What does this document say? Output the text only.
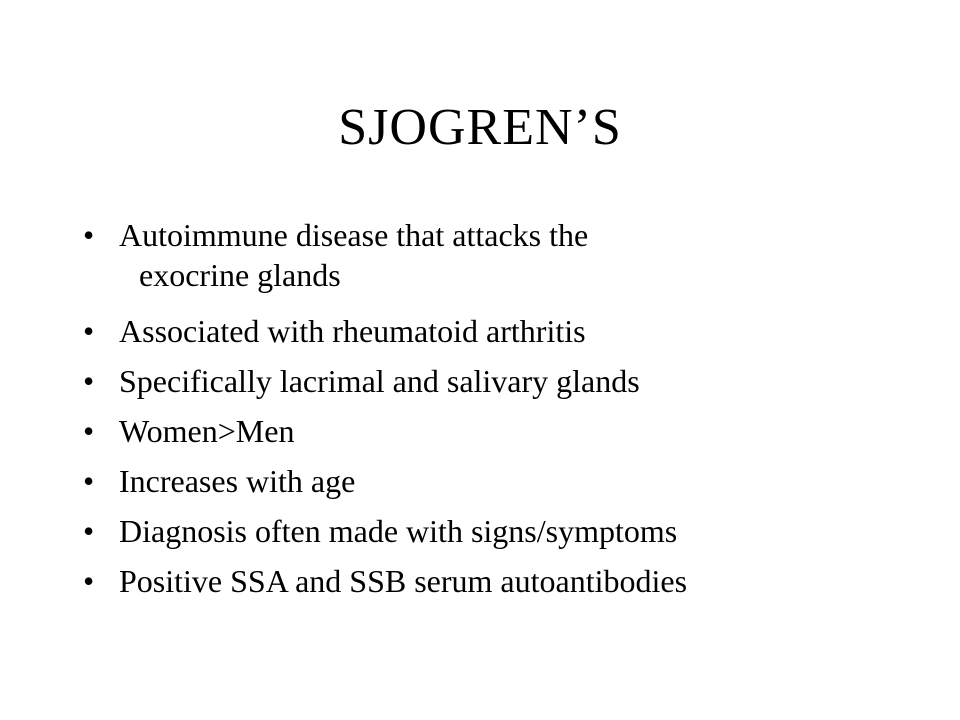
SJOGREN’S
• Autoimmune disease that attacks the
exocrine glands
• Associated with rheumatoid arthritis
• Specifically lacrimal and salivary glands
• Women>Men
• Increases with age
• Diagnosis often made with signs/symptoms
• Positive SSA and SSB serum autoantibodies
